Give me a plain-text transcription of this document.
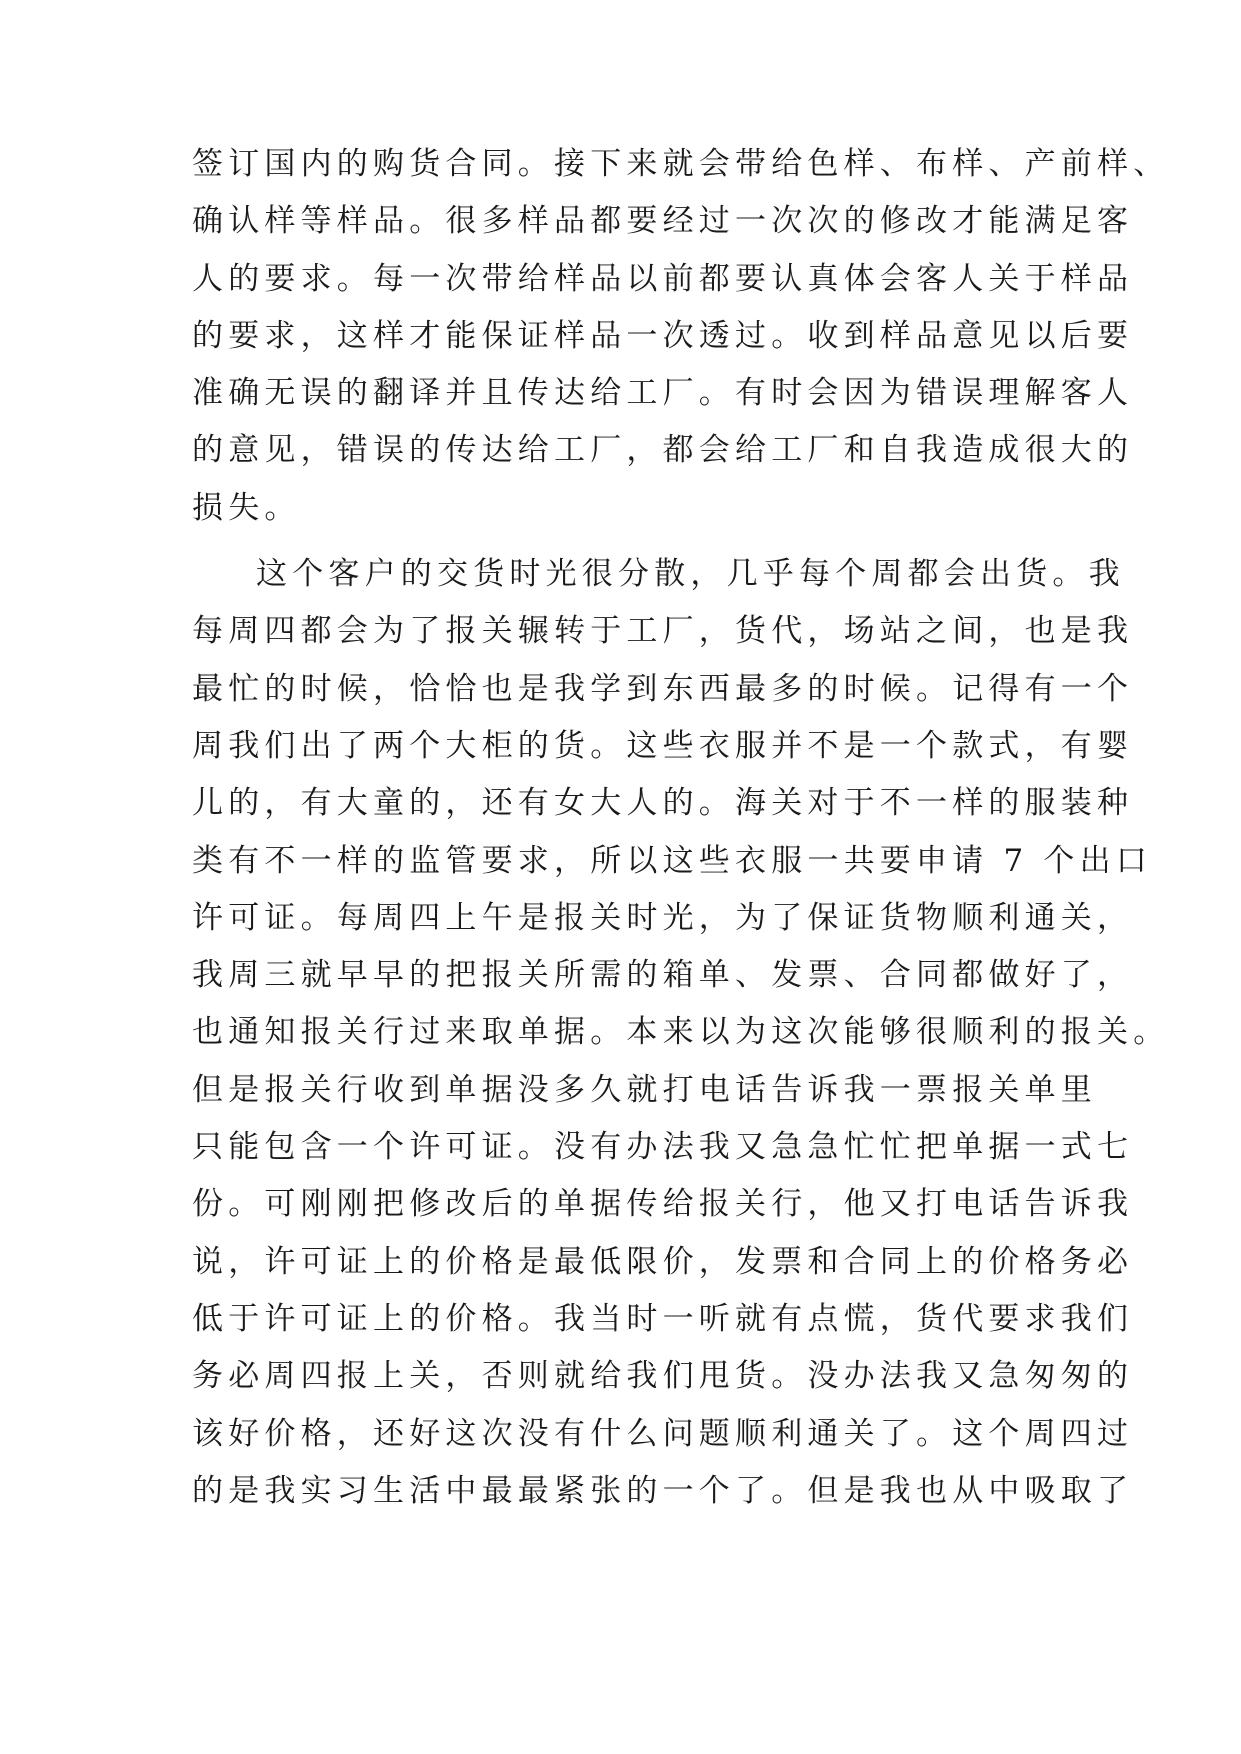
签订国内的购货合同。接下来就会带给色样、布样、产前样、
确认样等样品。很多样品都要经过一次次的修改才能满足客
人的要求。每一次带给样品以前都要认真体会客人关于样品
的要求，这样才能保证样品一次透过。收到样品意见以后要
准确无误的翻译并且传达给工厂。有时会因为错误理解客人
的意见，错误的传达给工厂，都会给工厂和自我造成很大的
损失。
这个客户的交货时光很分散，几乎每个周都会出货。我
每周四都会为了报关辗转于工厂，货代，场站之间，也是我
最忙的时候，恰恰也是我学到东西最多的时候。记得有一个
周我们出了两个大柜的货。这些衣服并不是一个款式，有婴
儿的，有大童的，还有女大人的。海关对于不一样的服装种
类有不一样的监管要求，所以这些衣服一共要申请 7 个出口
许可证。每周四上午是报关时光，为了保证货物顺利通关，
我周三就早早的把报关所需的箱单、发票、合同都做好了，
也通知报关行过来取单据。本来以为这次能够很顺利的报关。
但是报关行收到单据没多久就打电话告诉我一票报关单里
只能包含一个许可证。没有办法我又急急忙忙把单据一式七
份。可刚刚把修改后的单据传给报关行，他又打电话告诉我
说，许可证上的价格是最低限价，发票和合同上的价格务必
低于许可证上的价格。我当时一听就有点慌，货代要求我们
务必周四报上关，否则就给我们甩货。没办法我又急匆匆的
该好价格，还好这次没有什么问题顺利通关了。这个周四过
的是我实习生活中最最紧张的一个了。但是我也从中吸取了
